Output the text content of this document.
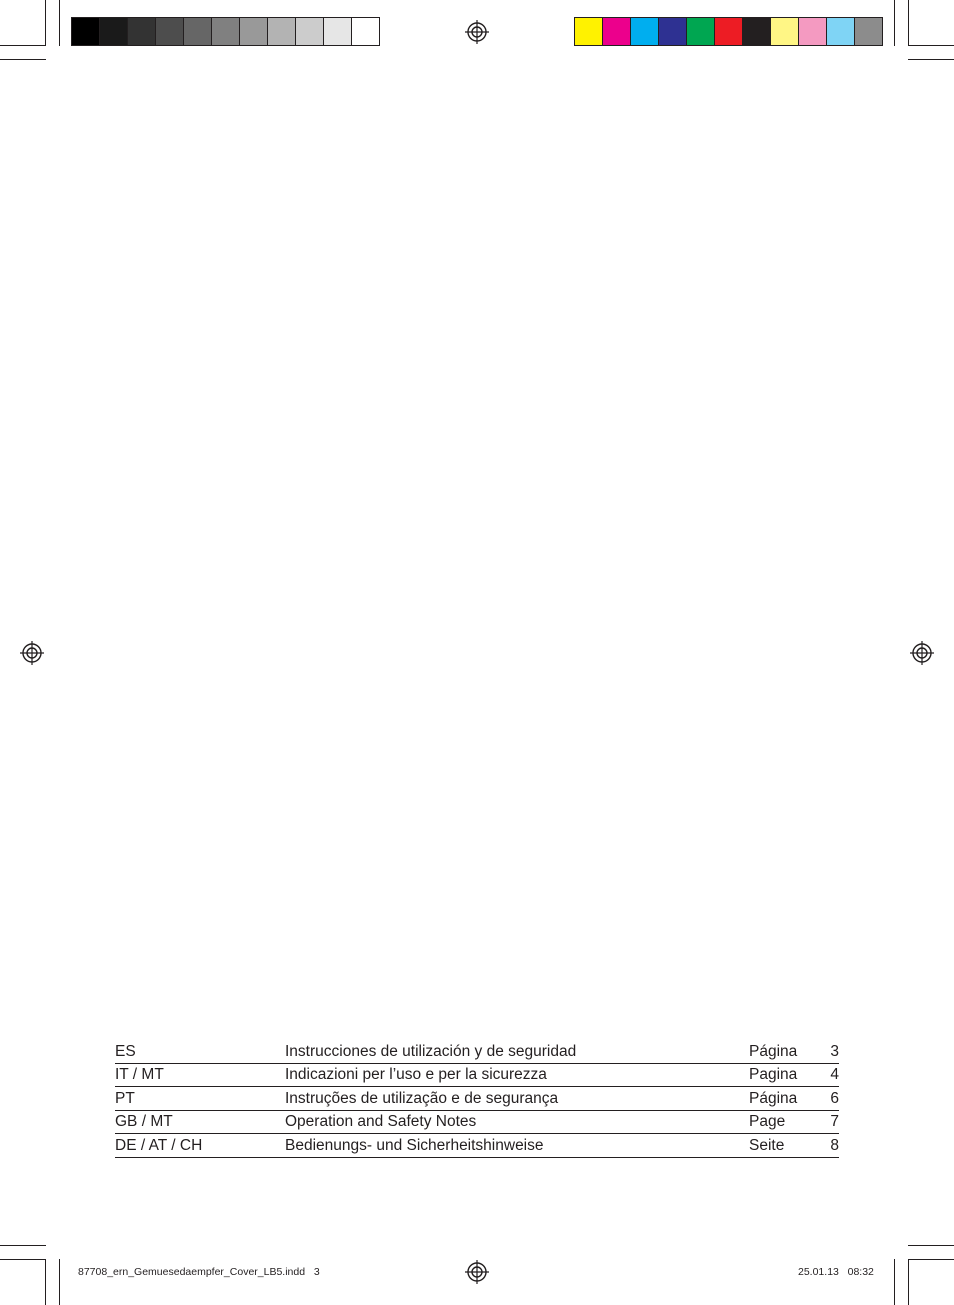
ES	Instrucciones de utilización y de seguridad	Página	3
IT / MT	Indicazioni per l’uso e per la sicurezza	Pagina	4
PT	Instruções de utilização e de segurança	Página	6
GB / MT	Operation and Safety Notes	Page	7
DE / AT / CH	Bedienungs- und Sicherheitshinweise	Seite	8
87708_ern_Gemuesedaempfer_Cover_LB5.indd   3	25.01.13   08:32
